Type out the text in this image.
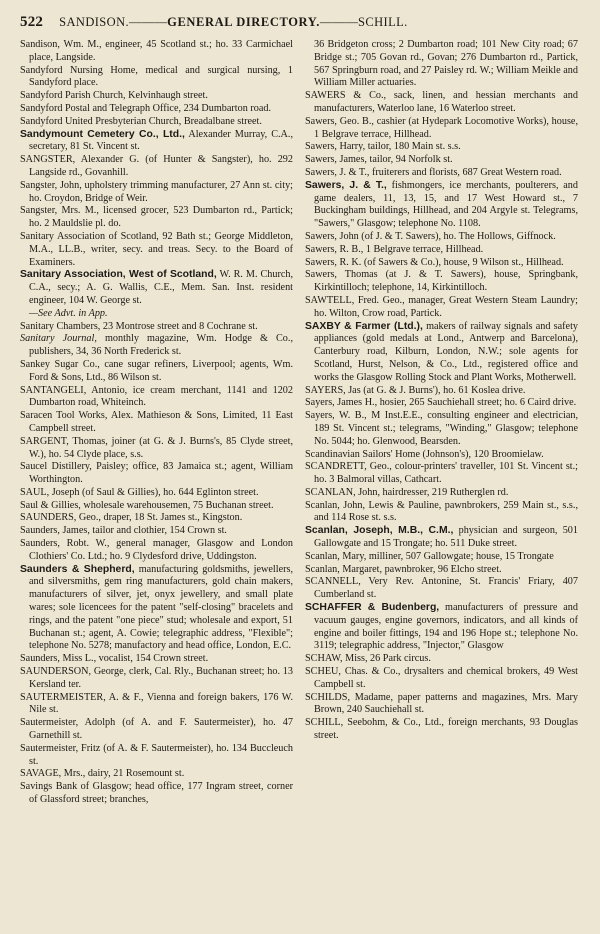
522 SANDISON. ——— GENERAL DIRECTORY. ——— SCHILL.
Sandison, Wm. M., engineer, 45 Scotland st.; ho. 33 Carmichael place, Langside.
Sandyford Nursing Home, medical and surgical nursing, 1 Sandyford place.
Sandyford Parish Church, Kelvinhaugh street.
Sandyford Postal and Telegraph Office, 234 Dumbarton road.
Sandyford United Presbyterian Church, Breadalbane street.
Sandymount Cemetery Co., Ltd., Alexander Murray, C.A., secretary, 81 St. Vincent st.
SANGSTER, Alexander G. (of Hunter & Sangster), ho. 292 Langside rd., Govanhill.
Sangster, John, upholstery trimming manufacturer, 27 Ann st. city; ho. Croydon, Bridge of Weir.
Sangster, Mrs. M., licensed grocer, 523 Dumbarton rd., Partick; ho. 2 Mauldslie pl. do.
Sanitary Association of Scotland, 92 Bath st.; George Middleton, M.A., LL.B., writer, secy. and treas. Secy. to the Board of Examiners.
Sanitary Association, West of Scotland, W. R. M. Church, C.A., secy.; A. G. Wallis, C.E., Mem. San. Inst. resident engineer, 104 W. George st.
—See Advt. in App.
Sanitary Chambers, 23 Montrose street and 8 Cochrane st.
Sanitary Journal, monthly magazine, Wm. Hodge & Co., publishers, 34, 36 North Frederick st.
Sankey Sugar Co., cane sugar refiners, Liverpool; agents, Wm. Ford & Sons, Ltd., 86 Wilson st.
SANTANGELI, Antonio, ice cream merchant, 1141 and 1202 Dumbarton road, Whiteinch.
Saracen Tool Works, Alex. Mathieson & Sons, Limited, 11 East Campbell street.
SARGENT, Thomas, joiner (at G. & J. Burns's, 85 Clyde street, W.), ho. 54 Clyde place, s.s.
Saucel Distillery, Paisley; office, 83 Jamaica st.; agent, William Worthington.
SAUL, Joseph (of Saul & Gillies), ho. 644 Eglinton street.
Saul & Gillies, wholesale warehousemen, 75 Buchanan street.
SAUNDERS, Geo., draper, 18 St. James st., Kingston.
Saunders, James, tailor and clothier, 154 Crown st.
Saunders, Robt. W., general manager, Glasgow and London Clothiers' Co. Ltd.; ho. 9 Clydesford drive, Uddingston.
Saunders & Shepherd, manufacturing goldsmiths, jewellers, and silversmiths, gem ring manufacturers, gold chain makers, manufacturers of silver, jet, onyx jewellery, and small plate wares; sole licencees for the patent "self-closing" bracelets and rings, and the patent "one piece" stud; wholesale and export, 51 Buchanan st.; agent, A. Cowie; telegraphic address, "Flexible"; telephone No. 5278; manufactory and head office, London, E.C.
Saunders, Miss L., vocalist, 154 Crown street.
SAUNDERSON, George, clerk, Cal. Rly., Buchanan street; ho. 13 Kersland ter.
SAUTERMEISTER, A. & F., Vienna and foreign bakers, 176 W. Nile st.
Sautermeister, Adolph (of A. and F. Sautermeister), ho. 47 Garnethill st.
Sautermeister, Fritz (of A. & F. Sautermeister), ho. 134 Buccleuch st.
SAVAGE, Mrs., dairy, 21 Rosemount st.
Savings Bank of Glasgow; head office, 177 Ingram street, corner of Glassford street; branches,
36 Bridgeton cross; 2 Dumbarton road; 101 New City road; 67 Bridge st.; 705 Govan rd., Govan; 276 Dumbarton rd., Partick, 567 Springburn road, and 27 Paisley rd. W.; William Meikle and William Miller actuaries.
SAWERS & Co., sack, linen, and hessian merchants and manufacturers, Waterloo lane, 16 Waterloo street.
Sawers, Geo. B., cashier (at Hydepark Locomotive Works), house, 1 Belgrave terrace, Hillhead.
Sawers, Harry, tailor, 180 Main st. s.s.
Sawers, James, tailor, 94 Norfolk st.
Sawers, J. & T., fruiterers and florists, 687 Great Western road.
Sawers, J. & T., fishmongers, ice merchants, poulterers, and game dealers, 11, 13, 15, and 17 West Howard st., 7 Buckingham buildings, Hillhead, and 204 Argyle st. Telegrams, "Sawers," Glasgow; telephone No. 1108.
Sawers, John (of J. & T. Sawers), ho. The Hollows, Giffnock.
Sawers, R. B., 1 Belgrave terrace, Hillhead.
Sawers, R. K. (of Sawers & Co.), house, 9 Wilson st., Hillhead.
Sawers, Thomas (at J. & T. Sawers), house, Springbank, Kirkintilloch; telephone, 14, Kirkintilloch.
SAWTELL, Fred. Geo., manager, Great Western Steam Laundry; ho. Wilton, Crow road, Partick.
SAXBY & Farmer (Ltd.), makers of railway signals and safety appliances (gold medals at Lond., Antwerp and Barcelona), Canterbury road, Kilburn, London, N.W.; sole agents for Scotland, Hurst, Nelson, & Co., Ltd., registered office and works the Glasgow Rolling Stock and Plant Works, Motherwell.
SAYERS, Jas (at G. & J. Burns'), ho. 61 Koslea drive.
Sayers, James H., hosier, 265 Sauchiehall street; ho. 6 Caird drive.
Sayers, W. B., M Inst.E.E., consulting engineer and electrician, 189 St. Vincent st.; telegrams, "Winding," Glasgow; telephone No. 5044; ho. Glenwood, Bearsden.
Scandinavian Sailors' Home (Johnson's), 120 Broomielaw.
SCANDRETT, Geo., colour-printers' traveller, 101 St. Vincent st.; ho. 3 Balmoral villas, Cathcart.
SCANLAN, John, hairdresser, 219 Rutherglen rd.
Scanlan, John, Lewis & Pauline, pawnbrokers, 259 Main st., s.s., and 114 Rose st. s.s.
Scanlan, Joseph, M.B., C.M., physician and surgeon, 501 Gallowgate and 15 Trongate; ho. 511 Duke street.
Scanlan, Mary, milliner, 507 Gallowgate; house, 15 Trongate
Scanlan, Margaret, pawnbroker, 96 Elcho street.
SCANNELL, Very Rev. Antonine, St. Francis' Friary, 407 Cumberland st.
SCHAFFER & Budenberg, manufacturers of pressure and vacuum gauges, engine governors, indicators, and all kinds of engine and boiler fittings, 194 and 196 Hope st.; telephone No. 3119; telegraphic address, "Injector," Glasgow
SCHAW, Miss, 26 Park circus.
SCHEU, Chas. & Co., drysalters and chemical brokers, 49 West Campbell st.
SCHILDS, Madame, paper patterns and magazines, Mrs. Mary Brown, 240 Sauchiehall st.
SCHILL, Seebohm, & Co., Ltd., foreign merchants, 93 Douglas street.
